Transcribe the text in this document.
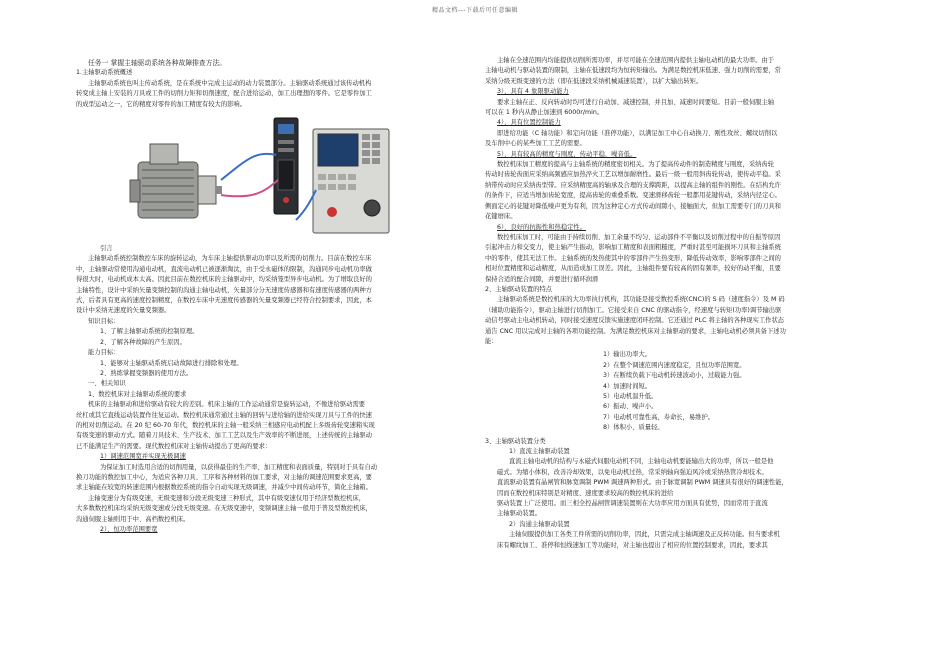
精品文档---下载后可任意编辑

任务一 掌握主轴驱动系统各种故障排查方法。

1.主轴驱动系统概述

主轴驱动系统也叫主传动系统，是在系统中完成主运动的动力装置部分。主轴驱动系统通过该传动机构

转变成主轴上安装的刀具或工件的切削力矩和切削速度，配合进给运动，加工出理想的零件。它是零件加工

的成型运动之一，它的精度对零件的加工精度有较大的影响。

引言

主轴驱动系统控制数控车床的旋转运动，为车床主轴提供驱动功率以及所需的切削力。目前在数控车床

中，主轴驱动常使用沟通电动机，直流电动机已被逐渐淘汰，由于受永磁体的限制，沟通同步电动机功率做

得很大时，电动机成本太高。因此目前在数控机床的主轴驱动中，均采纳笼型异步电动机。为了增取良好的

主轴特性，设计中采纳矢量变频控制的沟通主轴电动机，矢量部分分无速度传感器和有速度传感器的两种方

式，后者具有更高的速度控制精度，在数控车床中无速度传感器的矢量变频器已经符合控制要求，因此，本

设计中采纳无速度的矢量变频器。

知识目标：

1、了解主轴驱动系统的控制原理。

2、了解各种故障的产生原因。

能力目标：

1、能够对主轴驱动系统启动故障进行排除和处理。

2、熟练掌握变频器的使用方法。

一、相关知识

1、数控机床对主轴驱动系统的要求

机床的主轴驱动和进给驱动有较大的差别。机床主轴的工作运动通常是旋转运动，不像进给驱动需要

丝杠或其它直线运动装置作往复运动。数控机床通常通过主轴的回转与进给轴的进给实现刀具与工件的快速

的相对切削运动。在 20 纪 60-70 年代，数控机床的主轴一般采纳三相感应电动机配上多级齿轮变速箱实现

有级变速的驱动方式。随着刀具技术、生产技术、加工工艺以及生产效率的不断进展，上述传统的主轴驱动

已不能满足生产的需要。现代数控机床对主轴传动提出了更高的要求：

1）调速范围宽并实现无极调速

为保证加工时选用合适的切削用量，以获得最佳的生产率、加工精度和表面质量，特别对于具有自动

换刀功能的数控加工中心，为适应各种刀具、工序和各种材料的加工要求，对主轴的调速范围要求更高，要

求主轴能在较宽的转速范围内根据数控系统的指令自动实现无级调速，并减少中间传动环节，简化主轴箱。

主轴变速分为有级变速，无级变速和分段无级变速三种形式，其中有级变速仅用于经济型数控机床，

大多数数控机床均采纳无级变速或分段无级变速。在无级变速中，变频调速主轴一般用于普及型数控机床，

沟通伺服主轴则用于中、高档数控机床。

2）、恒功率范围要宽

主轴在全速范围内均能提供切削所需功率，并尽可能在全速范围内提供主轴电动机的最大功率。由于

主轴电动机与驱动装置的限制，主轴在低速段均为恒转矩输出。为满足数控机床低速、强力切削的需要，常

采纳分级无级变速的方法（即在低速段采纳机械减速装置），以扩大输出转矩。

3）、具有 4 象限驱动能力

要求主轴在正、反向转动时均可进行自动加、减速控制，并且加、减速时间要短。目前一般伺服主轴

可以在 1 秒内从静止加速到 6000r/min。

4）、具有位置控制能力

即进给功能（C 轴功能）和定向功能（准停功能），以满足加工中心自动换刀、刚性攻丝、螺纹切削以

及车削中心的某些加工工艺的需要。

5）、具有较高的精度与刚度，传动平稳，噪音低。

数控机床加工精度的提高与主轴系统的精度密切相关。为了提高传动件的制造精度与刚度，采纳齿轮

传动时齿轮齿面应采纳高频感应加热淬火工艺以增加耐磨性。最后一级一般用斜齿轮传动，使传动平稳。采

纳带传动时应采纳齿型带。应采纳精度高的轴承及合理的支撑跨距，以提高主轴的组件的刚性。在结构允许

的条件下，应适当增加齿轮宽度，提高齿轮的重叠系数。变速滑移齿轮一般都用花键传动，采纳内径定心。

侧面定心的花键对降低噪声更为有利，因为这种定心方式传动间隙小，接触面大，但加工需要专门的刀具和

花键磨床。

6）、良好的抗振性和热稳定性。

数控机床加工时，可能由于持续切削、加工余量不均匀、运动部件不平衡以及切削过程中的自振等原因

引起冲击力和交变力，使主轴产生振动，影响加工精度和表面粗糙度，严重时甚至可能损坏刀具和主轴系统

中的零件，使其无法工作。主轴系统的发热使其中的零部件产生热变形，降低传动效率，影响零部件之间的

相对位置精度和运动精度，从而造成加工误差。因此，主轴组件要有较高的固有频率，较好的动平衡，且要

保持合适的配合间隙，并要进行循环润滑

2、主轴驱动装置的特点

主轴驱动系统是数控机床的大功率执行机构，其功能是接受数控系统(CNC)的 S 码（速度指令）及 M 码

（辅助功能指令），驱动主轴进行切削加工。它接受来自 CNC 的驱动指令，经速度与转矩(功率)调节输出驱

动信号驱动主电动机转动，同时接受速度反馈实施速度闭环控制。它还通过 PLC 将主轴的各种现实工作状态

通告 CNC 用以完成对主轴的各项功能控制。为满足数控机床对主轴驱动的要求，主轴电动机必须具备下述功

能：

1）输出功率大。

2）在整个调速范围内速度稳定，且恒功率范围宽。

3）在断续负载下电动机转速波动小，过载能力强。

4）加速时间短。

5）电动机温升低。

6）振动、噪声小。

7）电动机可靠性高，寿命长，易维护。

8）体积小、质量轻。

3、主轴驱动装置分类

1）直流主轴驱动装置

直流主轴电动机的结构与永磁式伺服电动机不同，主轴电动机要能输出大的功率，所以一般是他

磁式。为缩小体积，改善冷却效果，以免电动机过热，常采纳轴向强迫风冷或采纳热管冷却技术。

直流驱动装置有晶闸管和脉宽调制 PWM 调速两种形式。由于脉宽调制 PWM 调速具有很好的调速性能，

因而在数控机床特别是对精度、速度要求较高的数控机床的进给

驱动装置上广泛使用。而三相全控晶闸管调速装置则在大功率应用方面具有优势，因而常用于直流

主轴驱动装置。

2）沟通主轴驱动装置

主轴伺服提供加工各类工件所需的切削功率，因此，只需完成主轴调速及正反转功能。但当要求机

床有螺纹加工、准停和恒线速加工等功能时，对主轴也提出了相应的位置控制要求，因此，要求其
